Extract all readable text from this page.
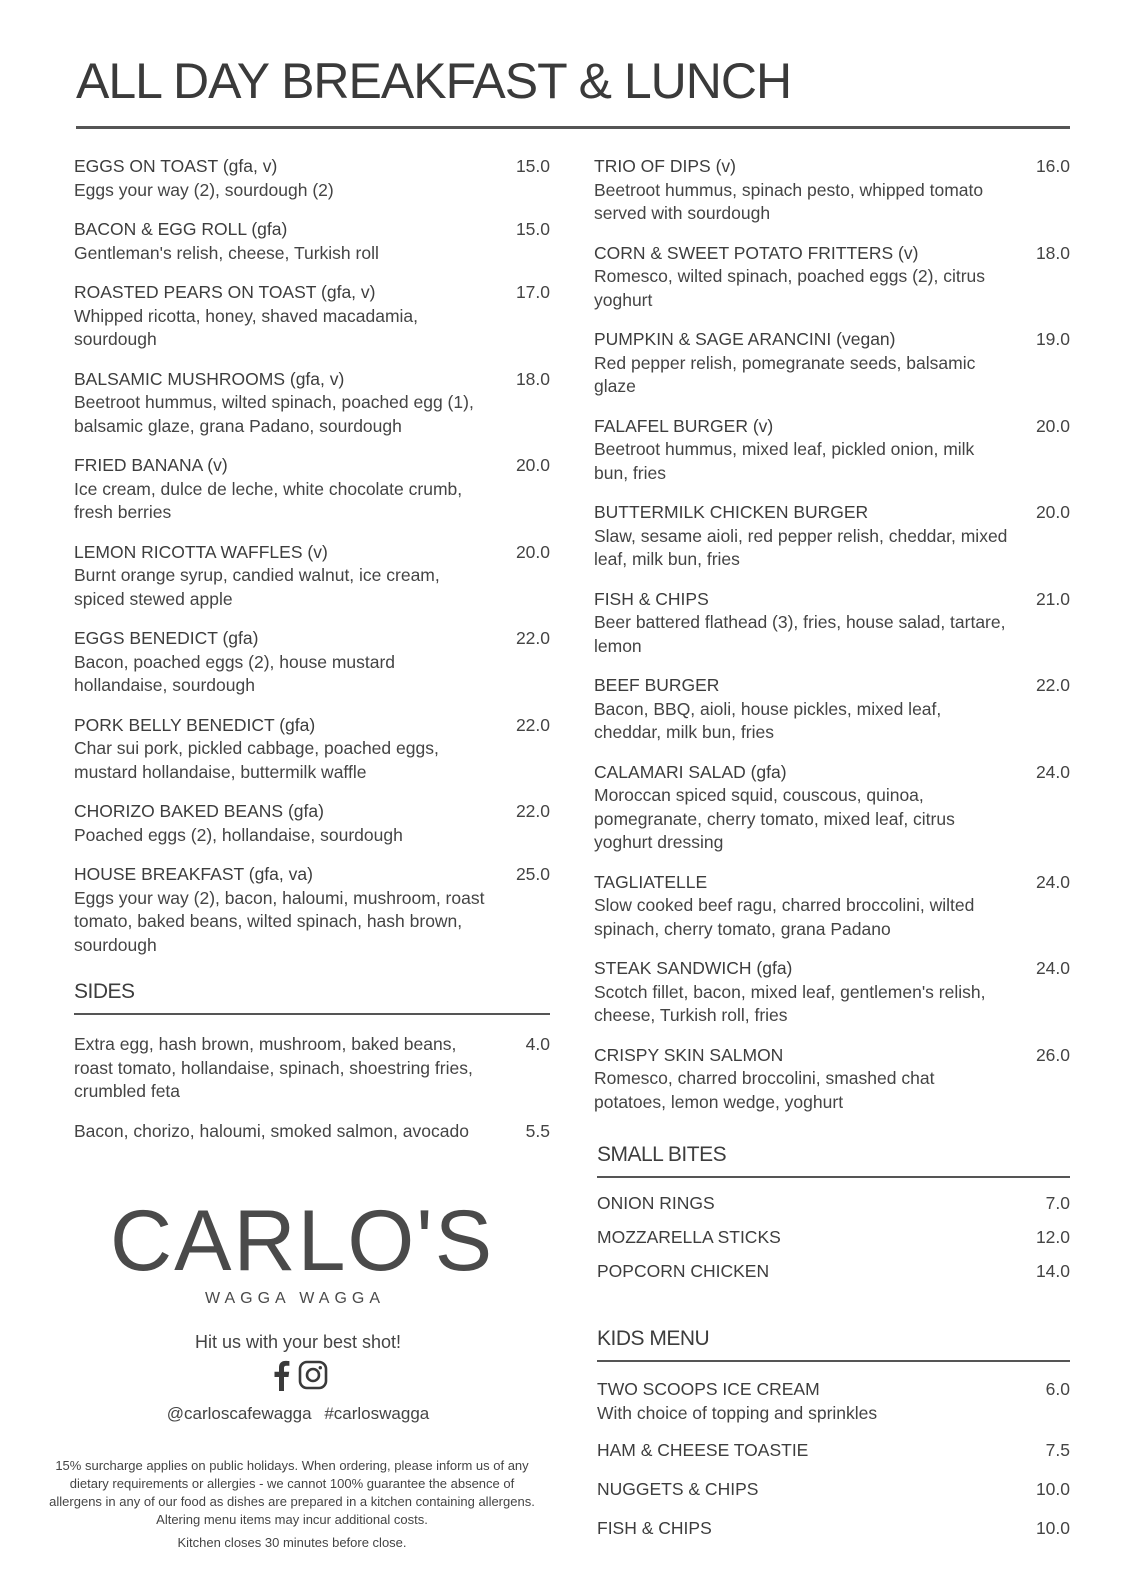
ALL DAY BREAKFAST & LUNCH
EGGS ON TOAST (gfa, v)
Eggs your way (2), sourdough (2)
15.0
BACON & EGG ROLL (gfa)
Gentleman's relish, cheese, Turkish roll
15.0
ROASTED PEARS ON TOAST (gfa, v)
Whipped ricotta, honey, shaved macadamia, sourdough
17.0
BALSAMIC MUSHROOMS (gfa, v)
Beetroot hummus, wilted spinach, poached egg (1), balsamic glaze, grana Padano, sourdough
18.0
FRIED BANANA (v)
Ice cream, dulce de leche, white chocolate crumb, fresh berries
20.0
LEMON RICOTTA WAFFLES (v)
Burnt orange syrup, candied walnut, ice cream, spiced stewed apple
20.0
EGGS BENEDICT (gfa)
Bacon, poached eggs (2), house mustard hollandaise, sourdough
22.0
PORK BELLY BENEDICT (gfa)
Char sui pork, pickled cabbage, poached eggs, mustard hollandaise, buttermilk waffle
22.0
CHORIZO BAKED BEANS (gfa)
Poached eggs (2), hollandaise, sourdough
22.0
HOUSE BREAKFAST (gfa, va)
Eggs your way (2), bacon, haloumi, mushroom, roast tomato, baked beans, wilted spinach, hash brown, sourdough
25.0
TRIO OF DIPS (v)
Beetroot hummus, spinach pesto, whipped tomato served with sourdough
16.0
CORN & SWEET POTATO FRITTERS (v)
Romesco, wilted spinach, poached eggs (2), citrus yoghurt
18.0
PUMPKIN & SAGE ARANCINI (vegan)
Red pepper relish, pomegranate seeds, balsamic glaze
19.0
FALAFEL BURGER (v)
Beetroot hummus, mixed leaf, pickled onion, milk bun, fries
20.0
BUTTERMILK CHICKEN BURGER
Slaw, sesame aioli, red pepper relish, cheddar, mixed leaf, milk bun, fries
20.0
FISH & CHIPS
Beer battered flathead (3), fries, house salad, tartare, lemon
21.0
BEEF BURGER
Bacon, BBQ, aioli, house pickles, mixed leaf, cheddar, milk bun, fries
22.0
CALAMARI SALAD (gfa)
Moroccan spiced squid, couscous, quinoa, pomegranate, cherry tomato, mixed leaf, citrus yoghurt dressing
24.0
TAGLIATELLE
Slow cooked beef ragu, charred broccolini, wilted spinach, cherry tomato, grana Padano
24.0
STEAK SANDWICH (gfa)
Scotch fillet, bacon, mixed leaf, gentlemen's relish, cheese, Turkish roll, fries
24.0
CRISPY SKIN SALMON
Romesco, charred broccolini, smashed chat potatoes, lemon wedge, yoghurt
26.0
SIDES
Extra egg, hash brown, mushroom, baked beans, roast tomato, hollandaise, spinach, shoestring fries, crumbled feta
4.0
Bacon, chorizo, haloumi, smoked salmon, avocado	5.5
CARLO'S
WAGGA WAGGA
Hit us with your best shot!
@carloscafewagga #carloswagga
15% surcharge applies on public holidays. When ordering, please inform us of any dietary requirements or allergies - we cannot 100% guarantee the absence of allergens in any of our food as dishes are prepared in a kitchen containing allergens. Altering menu items may incur additional costs.
Kitchen closes 30 minutes before close.
SMALL BITES
ONION RINGS	7.0
MOZZARELLA STICKS	12.0
POPCORN CHICKEN	14.0
KIDS MENU
TWO SCOOPS ICE CREAM
With choice of topping and sprinkles
6.0
HAM & CHEESE TOASTIE	7.5
NUGGETS & CHIPS	10.0
FISH & CHIPS	10.0
